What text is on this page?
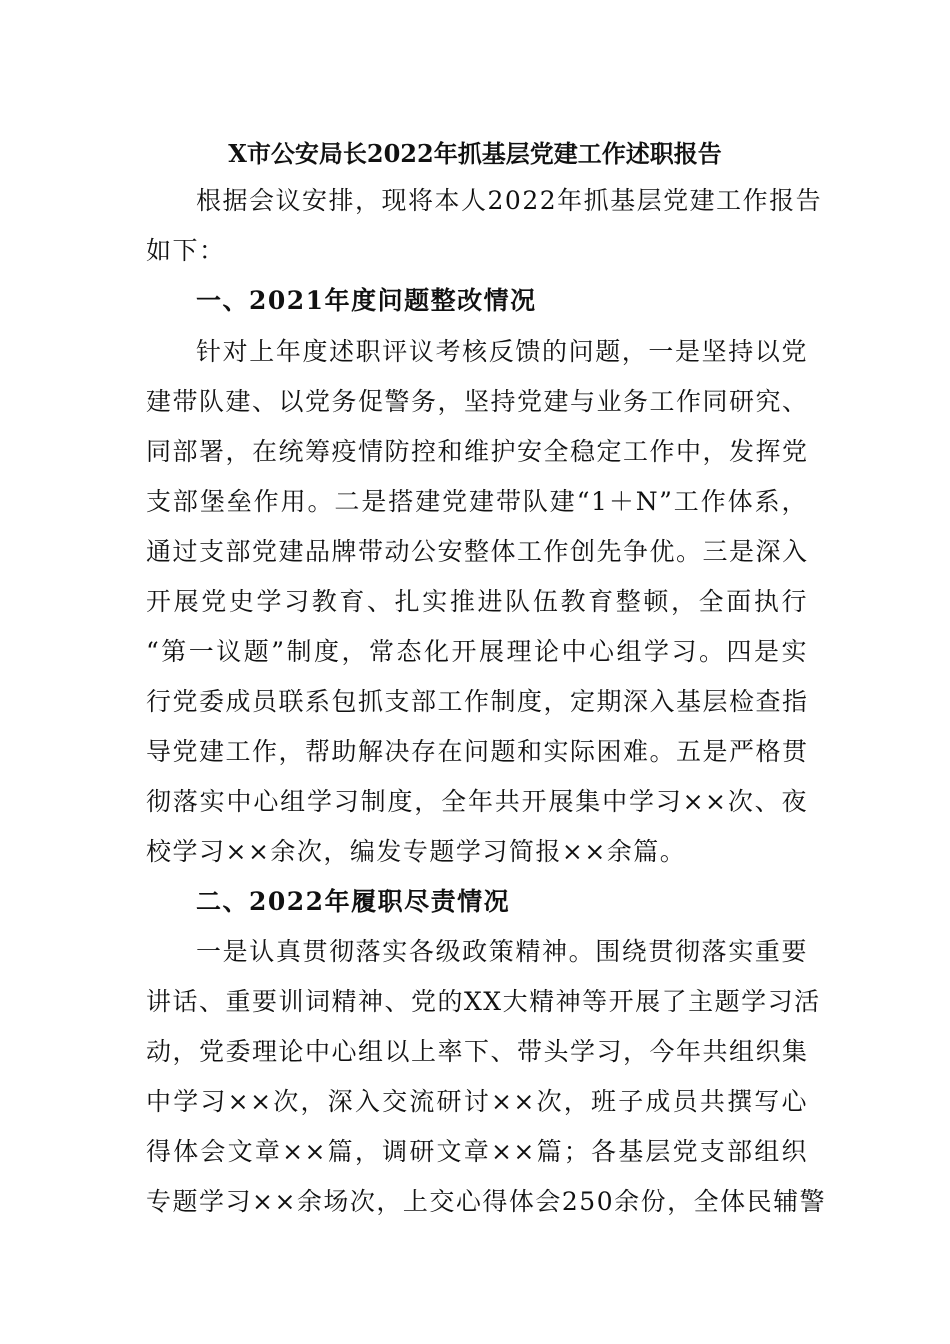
X市公安局长2022年抓基层党建工作述职报告
根据会议安排，现将本人2022年抓基层党建工作报告
如下：
一、2021年度问题整改情况
针对上年度述职评议考核反馈的问题，一是坚持以党
建带队建、以党务促警务，坚持党建与业务工作同研究、
同部署，在统筹疫情防控和维护安全稳定工作中，发挥党
支部堡垒作用。二是搭建党建带队建“1＋N”工作体系，
通过支部党建品牌带动公安整体工作创先争优。三是深入
开展党史学习教育、扎实推进队伍教育整顿，全面执行
“第一议题”制度，常态化开展理论中心组学习。四是实
行党委成员联系包抓支部工作制度，定期深入基层检查指
导党建工作，帮助解决存在问题和实际困难。五是严格贯
彻落实中心组学习制度，全年共开展集中学习××次、夜
校学习××余次，编发专题学习简报××余篇。
二、2022年履职尽责情况
一是认真贯彻落实各级政策精神。围绕贯彻落实重要
讲话、重要训词精神、党的XX大精神等开展了主题学习活
动，党委理论中心组以上率下、带头学习，今年共组织集
中学习××次，深入交流研讨××次，班子成员共撰写心
得体会文章××篇，调研文章××篇；各基层党支部组织
专题学习××余场次，上交心得体会250余份，全体民辅警
